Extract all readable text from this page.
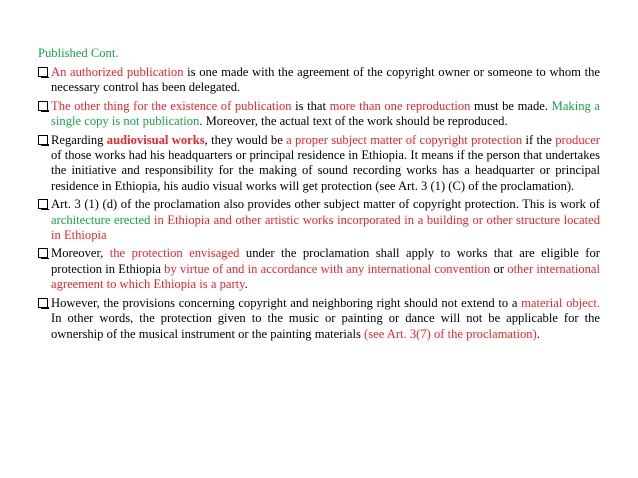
Published Cont.
An authorized publication is one made with the agreement of the copyright owner or someone to whom the necessary control has been delegated.
The other thing for the existence of publication is that more than one reproduction must be made. Making a single copy is not publication. Moreover, the actual text of the work should be reproduced.
Regarding audiovisual works, they would be a proper subject matter of copyright protection if the producer of those works had his headquarters or principal residence in Ethiopia. It means if the person that undertakes the initiative and responsibility for the making of sound recording works has a headquarter or principal residence in Ethiopia, his audio visual works will get protection (see Art. 3 (1) (C) of the proclamation).
Art. 3 (1) (d) of the proclamation also provides other subject matter of copyright protection. This is work of architecture erected in Ethiopia and other artistic works incorporated in a building or other structure located in Ethiopia
Moreover, the protection envisaged under the proclamation shall apply to works that are eligible for protection in Ethiopia by virtue of and in accordance with any international convention or other international agreement to which Ethiopia is a party.
However, the provisions concerning copyright and neighboring right should not extend to a material object. In other words, the protection given to the music or painting or dance will not be applicable for the ownership of the musical instrument or the painting materials (see Art. 3(7) of the proclamation).
